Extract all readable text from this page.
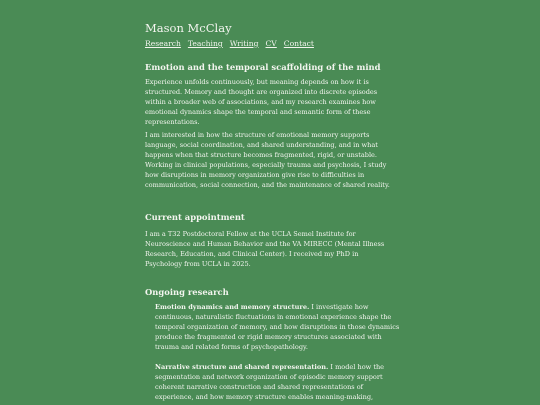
Mason McClay
Research Teaching Writing CV Contact
Emotion and the temporal scaffolding of the mind

Experience unfolds continuously, but meaning depends on how it is structured. Memory and thought are organized into discrete episodes within a broader web of associations, and my research examines how emotional dynamics shape the temporal and semantic form of these representations.

I am interested in how the structure of emotional memory supports language, social coordination, and shared understanding, and in what happens when that structure becomes fragmented, rigid, or unstable. Working in clinical populations, especially trauma and psychosis, I study how disruptions in memory organization give rise to difficulties in communication, social connection, and the maintenance of shared reality.

Current appointment

I am a T32 Postdoctoral Fellow at the UCLA Semel Institute for Neuroscience and Human Behavior and the VA MIRECC (Mental Illness Research, Education, and Clinical Center). I received my PhD in Psychology from UCLA in 2025.

Ongoing research

Emotion dynamics and memory structure. I investigate how continuous, naturalistic fluctuations in emotional experience shape the temporal organization of memory, and how disruptions in those dynamics produce the fragmented or rigid memory structures associated with trauma and related forms of psychopathology.

Narrative structure and shared representation. I model how the segmentation and network organization of episodic memory support coherent narrative construction and shared representations of experience, and how memory structure enables meaning-making,
